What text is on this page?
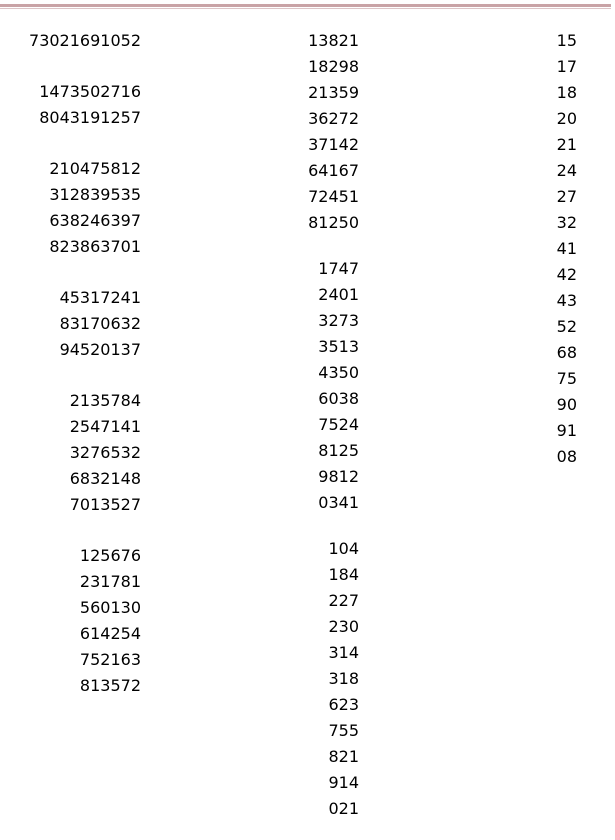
73021691052
1473502716
8043191257
210475812
312839535
638246397
823863701
45317241
83170632
94520137
2135784
2547141
3276532
6832148
7013527
125676
231781
560130
614254
752163
813572
13821
18298
21359
36272
37142
64167
72451
81250
1747
2401
3273
3513
4350
6038
7524
8125
9812
0341
104
184
227
230
314
318
623
755
821
914
021
15
17
18
20
21
24
27
32
41
42
43
52
68
75
90
91
08
